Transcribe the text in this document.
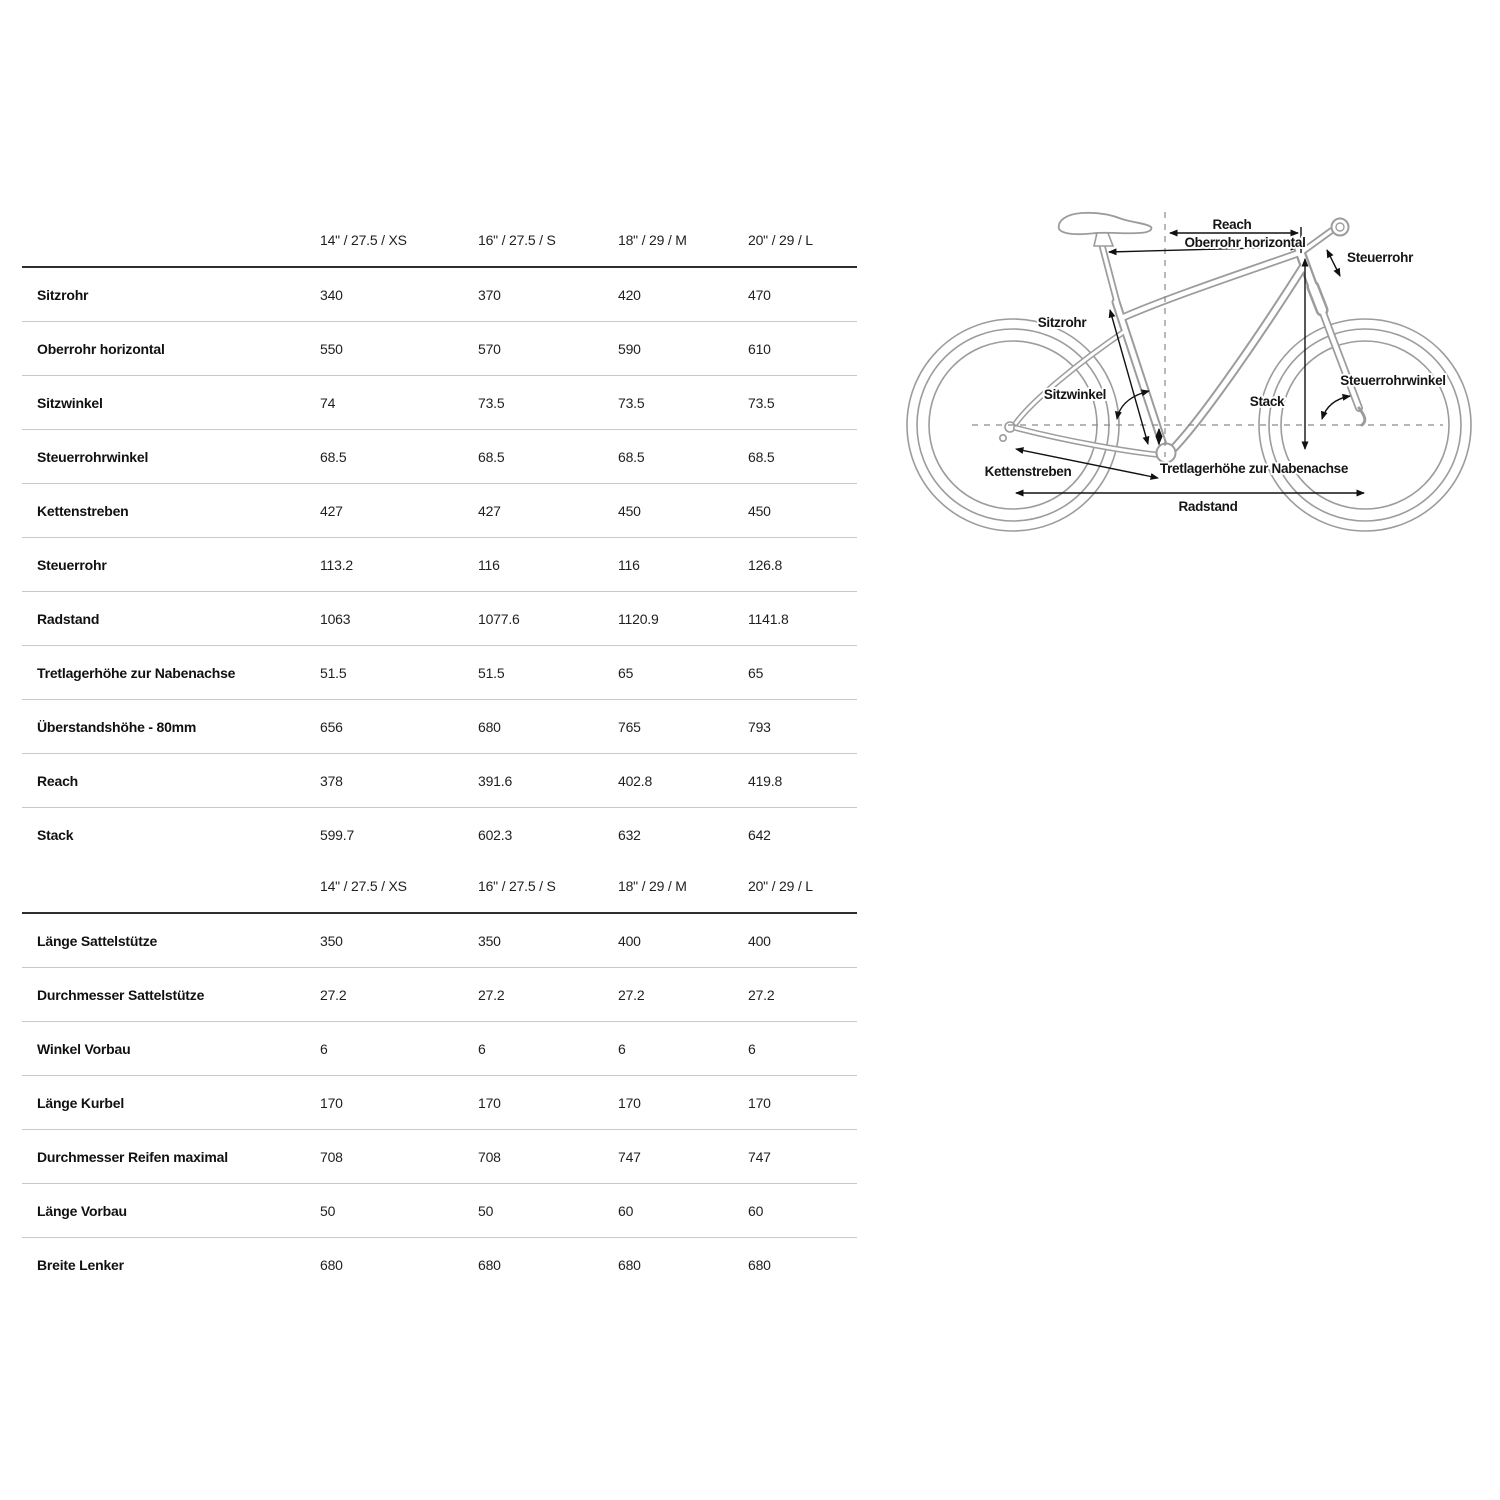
	14" / 27.5 / XS	16" / 27.5 / S	18" / 29 / M	20" / 29 / L
Sitzrohr	340	370	420	470
Oberrohr horizontal	550	570	590	610
Sitzwinkel	74	73.5	73.5	73.5
Steuerrohrwinkel	68.5	68.5	68.5	68.5
Kettenstreben	427	427	450	450
Steuerrohr	113.2	116	116	126.8
Radstand	1063	1077.6	1120.9	1141.8
Tretlagerhöhe zur Nabenachse	51.5	51.5	65	65
Überstandshöhe - 80mm	656	680	765	793
Reach	378	391.6	402.8	419.8
Stack	599.7	602.3	632	642
	14" / 27.5 / XS	16" / 27.5 / S	18" / 29 / M	20" / 29 / L
Länge Sattelstütze	350	350	400	400
Durchmesser Sattelstütze	27.2	27.2	27.2	27.2
Winkel Vorbau	6	6	6	6
Länge Kurbel	170	170	170	170
Durchmesser Reifen maximal	708	708	747	747
Länge Vorbau	50	50	60	60
Breite Lenker	680	680	680	680
Reach
Oberrohr horizontal
Steuerrohr
Sitzrohr
Sitzwinkel	Stack
Steuerrohrwinkel
Kettenstreben	Tretlagerhöhe zur Nabenachse
Radstand
